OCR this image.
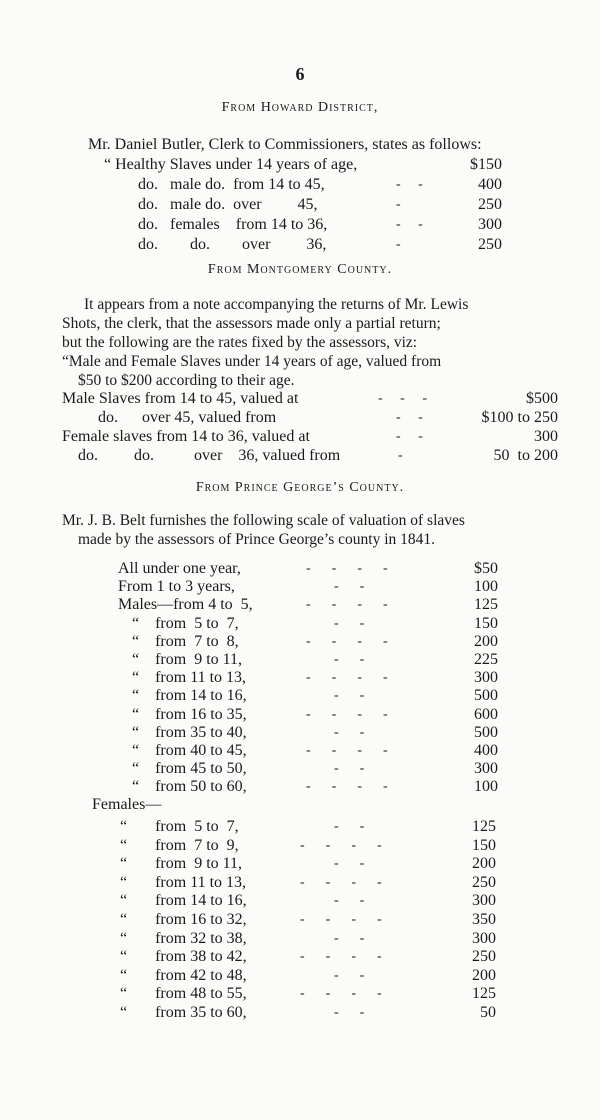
6
From Howard District,
Mr. Daniel Butler, Clerk to Commissioners, states as follows:
“ Healthy Slaves under 14 years of age,	$150
do.   male do.  from 14 to 45,	-     -	400
do.   male do.  over         45,	-	250
do.   females    from 14 to 36,	-     -	300
do.        do.        over         36,	-	250
From Montgomery County.
It appears from a note accompanying the returns of Mr. Lewis
Shots, the clerk, that the assessors made only a partial return;
but the following are the rates fixed by the assessors, viz:
“Male and Female Slaves under 14 years of age, valued from
$50 to $200 according to their age.
Male Slaves from 14 to 45, valued at	-     -     -	$500
do.      over 45, valued from	-     -	$100 to 250
Female slaves from 14 to 36, valued at	-     -	300
do.         do.          over    36, valued from	-	50  to 200
From Prince George’s County.
Mr. J. B. Belt furnishes the following scale of valuation of slaves
made by the assessors of Prince George’s county in 1841.
All under one year,	-      -      -      -	$50
From 1 to 3 years,	-      -	100
Males—from 4 to  5,	-      -      -      -	125
“    from  5 to  7,	-      -	150
“    from  7 to  8,	-      -      -      -	200
“    from  9 to 11,	-      -	225
“    from 11 to 13,	-      -      -      -	300
“    from 14 to 16,	-      -	500
“    from 16 to 35,	-      -      -      -	600
“    from 35 to 40,	-      -	500
“    from 40 to 45,	-      -      -      -	400
“    from 45 to 50,	-      -	300
“    from 50 to 60,	-      -      -      -	100
Females—
“       from  5 to  7,	-      -	125
“       from  7 to  9,	-      -      -      -	150
“       from  9 to 11,	-      -	200
“       from 11 to 13,	-      -      -      -	250
“       from 14 to 16,	-      -	300
“       from 16 to 32,	-      -      -      -	350
“       from 32 to 38,	-      -	300
“       from 38 to 42,	-      -      -      -	250
“       from 42 to 48,	-      -	200
“       from 48 to 55,	-      -      -      -	125
“       from 35 to 60,	-      -	50
